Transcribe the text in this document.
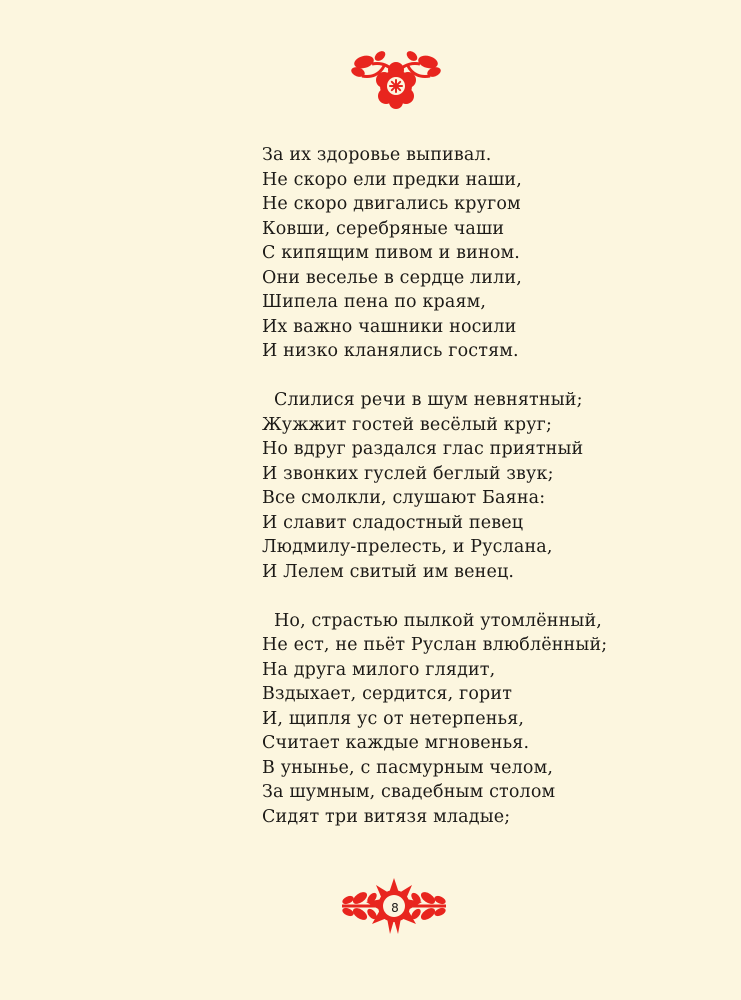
За их здоровье выпивал.
Не скоро ели предки наши,
Не скоро двигались кругом
Ковши, серебряные чаши
С кипящим пивом и вином.
Они веселье в сердце лили,
Шипела пена по краям,
Их важно чашники носили
И низко кланялись гостям.
Слилися речи в шум невнятный;
Жужжит гостей весёлый круг;
Но вдруг раздался глас приятный
И звонких гуслей беглый звук;
Все смолкли, слушают Баяна:
И славит сладостный певец
Людмилу-прелесть, и Руслана,
И Лелем свитый им венец.
Но, страстью пылкой утомлённый,
Не ест, не пьёт Руслан влюблённый;
На друга милого глядит,
Вздыхает, сердится, горит
И, щипля ус от нетерпенья,
Считает каждые мгновенья.
В унынье, с пасмурным челом,
За шумным, свадебным столом
Сидят три витязя младые;
8
